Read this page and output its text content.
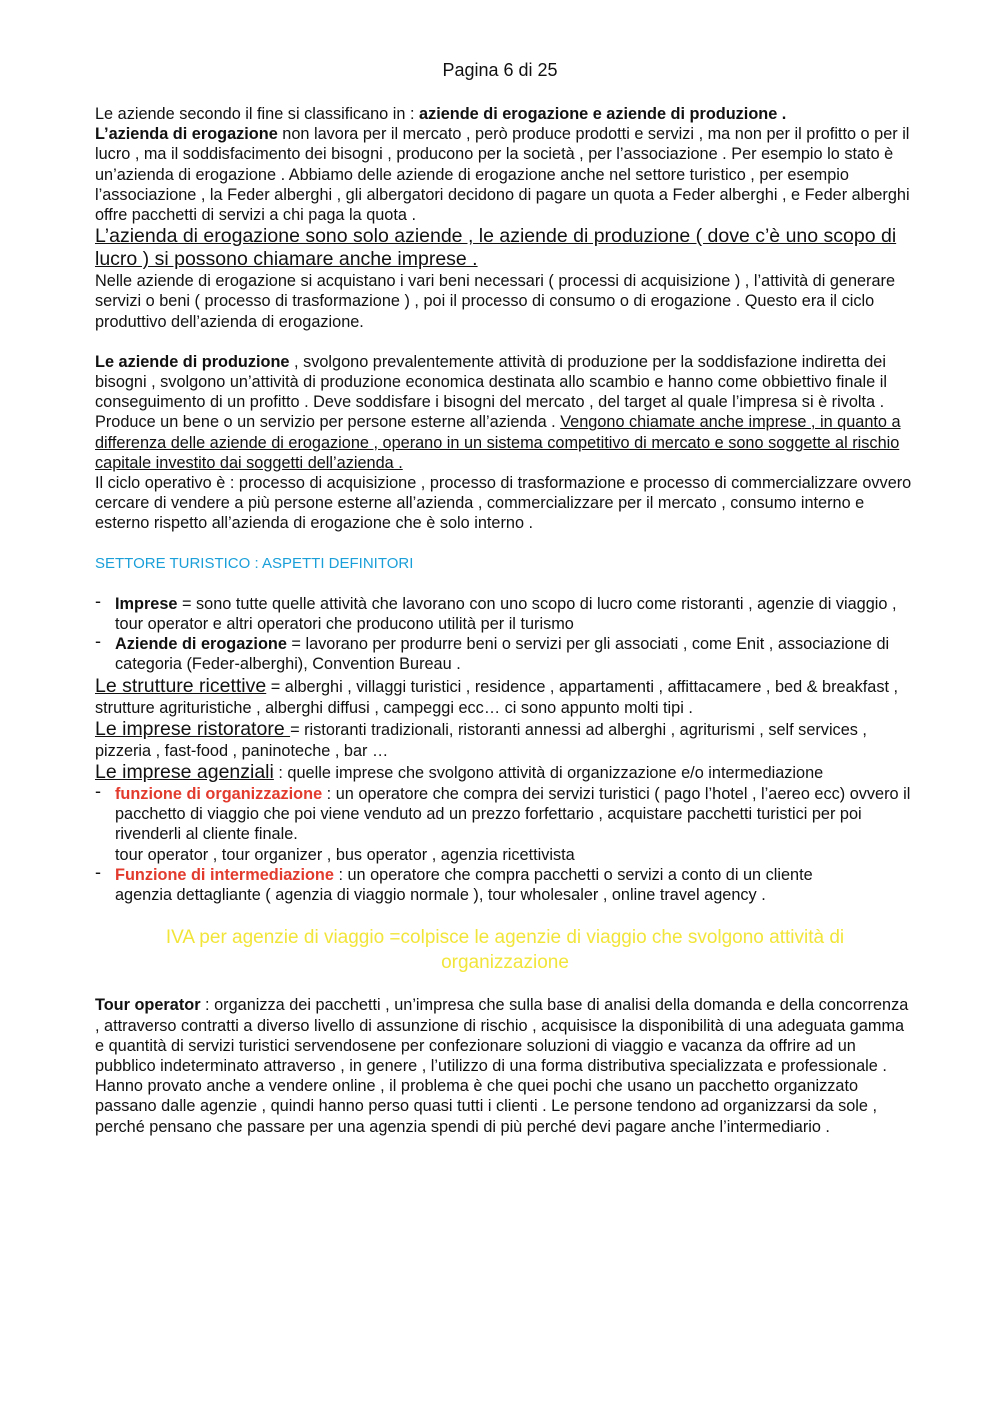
Pagina 6 di 25

Le aziende secondo il fine si classificano in : aziende di erogazione e aziende di produzione .
L’azienda di erogazione non lavora per il mercato , però produce prodotti e servizi , ma non per il profitto o per il lucro , ma il soddisfacimento dei bisogni , producono per la società , per l’associazione . Per esempio lo stato è un’azienda di erogazione . Abbiamo delle aziende di erogazione anche nel settore turistico , per esempio l’associazione , la Feder alberghi , gli albergatori decidono di pagare un quota a Feder alberghi , e Feder alberghi offre pacchetti di servizi a chi paga la quota .

L’azienda di erogazione sono solo aziende , le aziende di produzione ( dove c’è uno scopo di lucro ) si possono chiamare anche imprese .

Nelle aziende di erogazione si acquistano i vari beni necessari ( processi di acquisizione ) , l’attività di generare servizi o beni ( processo di trasformazione ) , poi il processo di consumo o di erogazione . Questo era il ciclo produttivo dell’azienda di erogazione.

Le aziende di produzione , svolgono prevalentemente attività di produzione per la soddisfazione indiretta dei bisogni , svolgono un’attività di produzione economica destinata allo scambio e hanno come obbiettivo finale il conseguimento di un profitto . Deve soddisfare i bisogni del mercato , del target al quale l’impresa si è rivolta . Produce un bene o un servizio per persone esterne all’azienda . Vengono chiamate anche imprese , in quanto a differenza delle aziende di erogazione , operano in un sistema competitivo di mercato e sono soggette al rischio capitale investito dai soggetti dell’azienda .

Il ciclo operativo è : processo di acquisizione , processo di trasformazione e processo di commercializzare ovvero cercare di vendere a più persone esterne all’azienda , commercializzare per il mercato , consumo interno e esterno rispetto all’azienda di erogazione che è solo interno .

SETTORE TURISTICO : ASPETTI DEFINITORI

- Imprese = sono tutte quelle attività che lavorano con uno scopo di lucro come ristoranti , agenzie di viaggio , tour operator e altri operatori che producono utilità per il turismo
- Aziende di erogazione = lavorano per produrre beni o servizi per gli associati , come Enit , associazione di categoria (Feder-alberghi), Convention Bureau .

Le strutture ricettive = alberghi , villaggi turistici , residence , appartamenti , affittacamere , bed & breakfast , strutture agrituristiche , alberghi diffusi , campeggi ecc… ci sono appunto molti tipi .

Le imprese ristoratore = ristoranti tradizionali, ristoranti annessi ad alberghi , agriturismi , self services , pizzeria , fast-food , paninoteche , bar …

Le imprese agenziali : quelle imprese che svolgono attività di organizzazione e/o intermediazione

- funzione di organizzazione : un operatore che compra dei servizi turistici ( pago l’hotel , l’aereo ecc) ovvero il pacchetto di viaggio che poi viene venduto ad un prezzo forfettario , acquistare pacchetti turistici per poi rivenderli al cliente finale.
tour operator , tour organizer , bus operator , agenzia ricettivista
- Funzione di intermediazione : un operatore che compra pacchetti o servizi a conto di un cliente
agenzia dettagliante ( agenzia di viaggio normale ), tour wholesaler , online travel agency .

IVA per agenzie di viaggio =colpisce le agenzie di viaggio che svolgono attività di organizzazione

Tour operator : organizza dei pacchetti , un’impresa che sulla base di analisi della domanda e della concorrenza , attraverso contratti a diverso livello di assunzione di rischio , acquisisce la disponibilità di una adeguata gamma e quantità di servizi turistici servendosene per confezionare soluzioni di viaggio e vacanza da offrire ad un pubblico indeterminato attraverso , in genere , l’utilizzo di una forma distributiva specializzata e professionale .

Hanno provato anche a vendere online , il problema è che quei pochi che usano un pacchetto organizzato passano dalle agenzie , quindi hanno perso quasi tutti i clienti . Le persone tendono ad organizzarsi da sole , perché pensano che passare per una agenzia spendi di più perché devi pagare anche l’intermediario .
